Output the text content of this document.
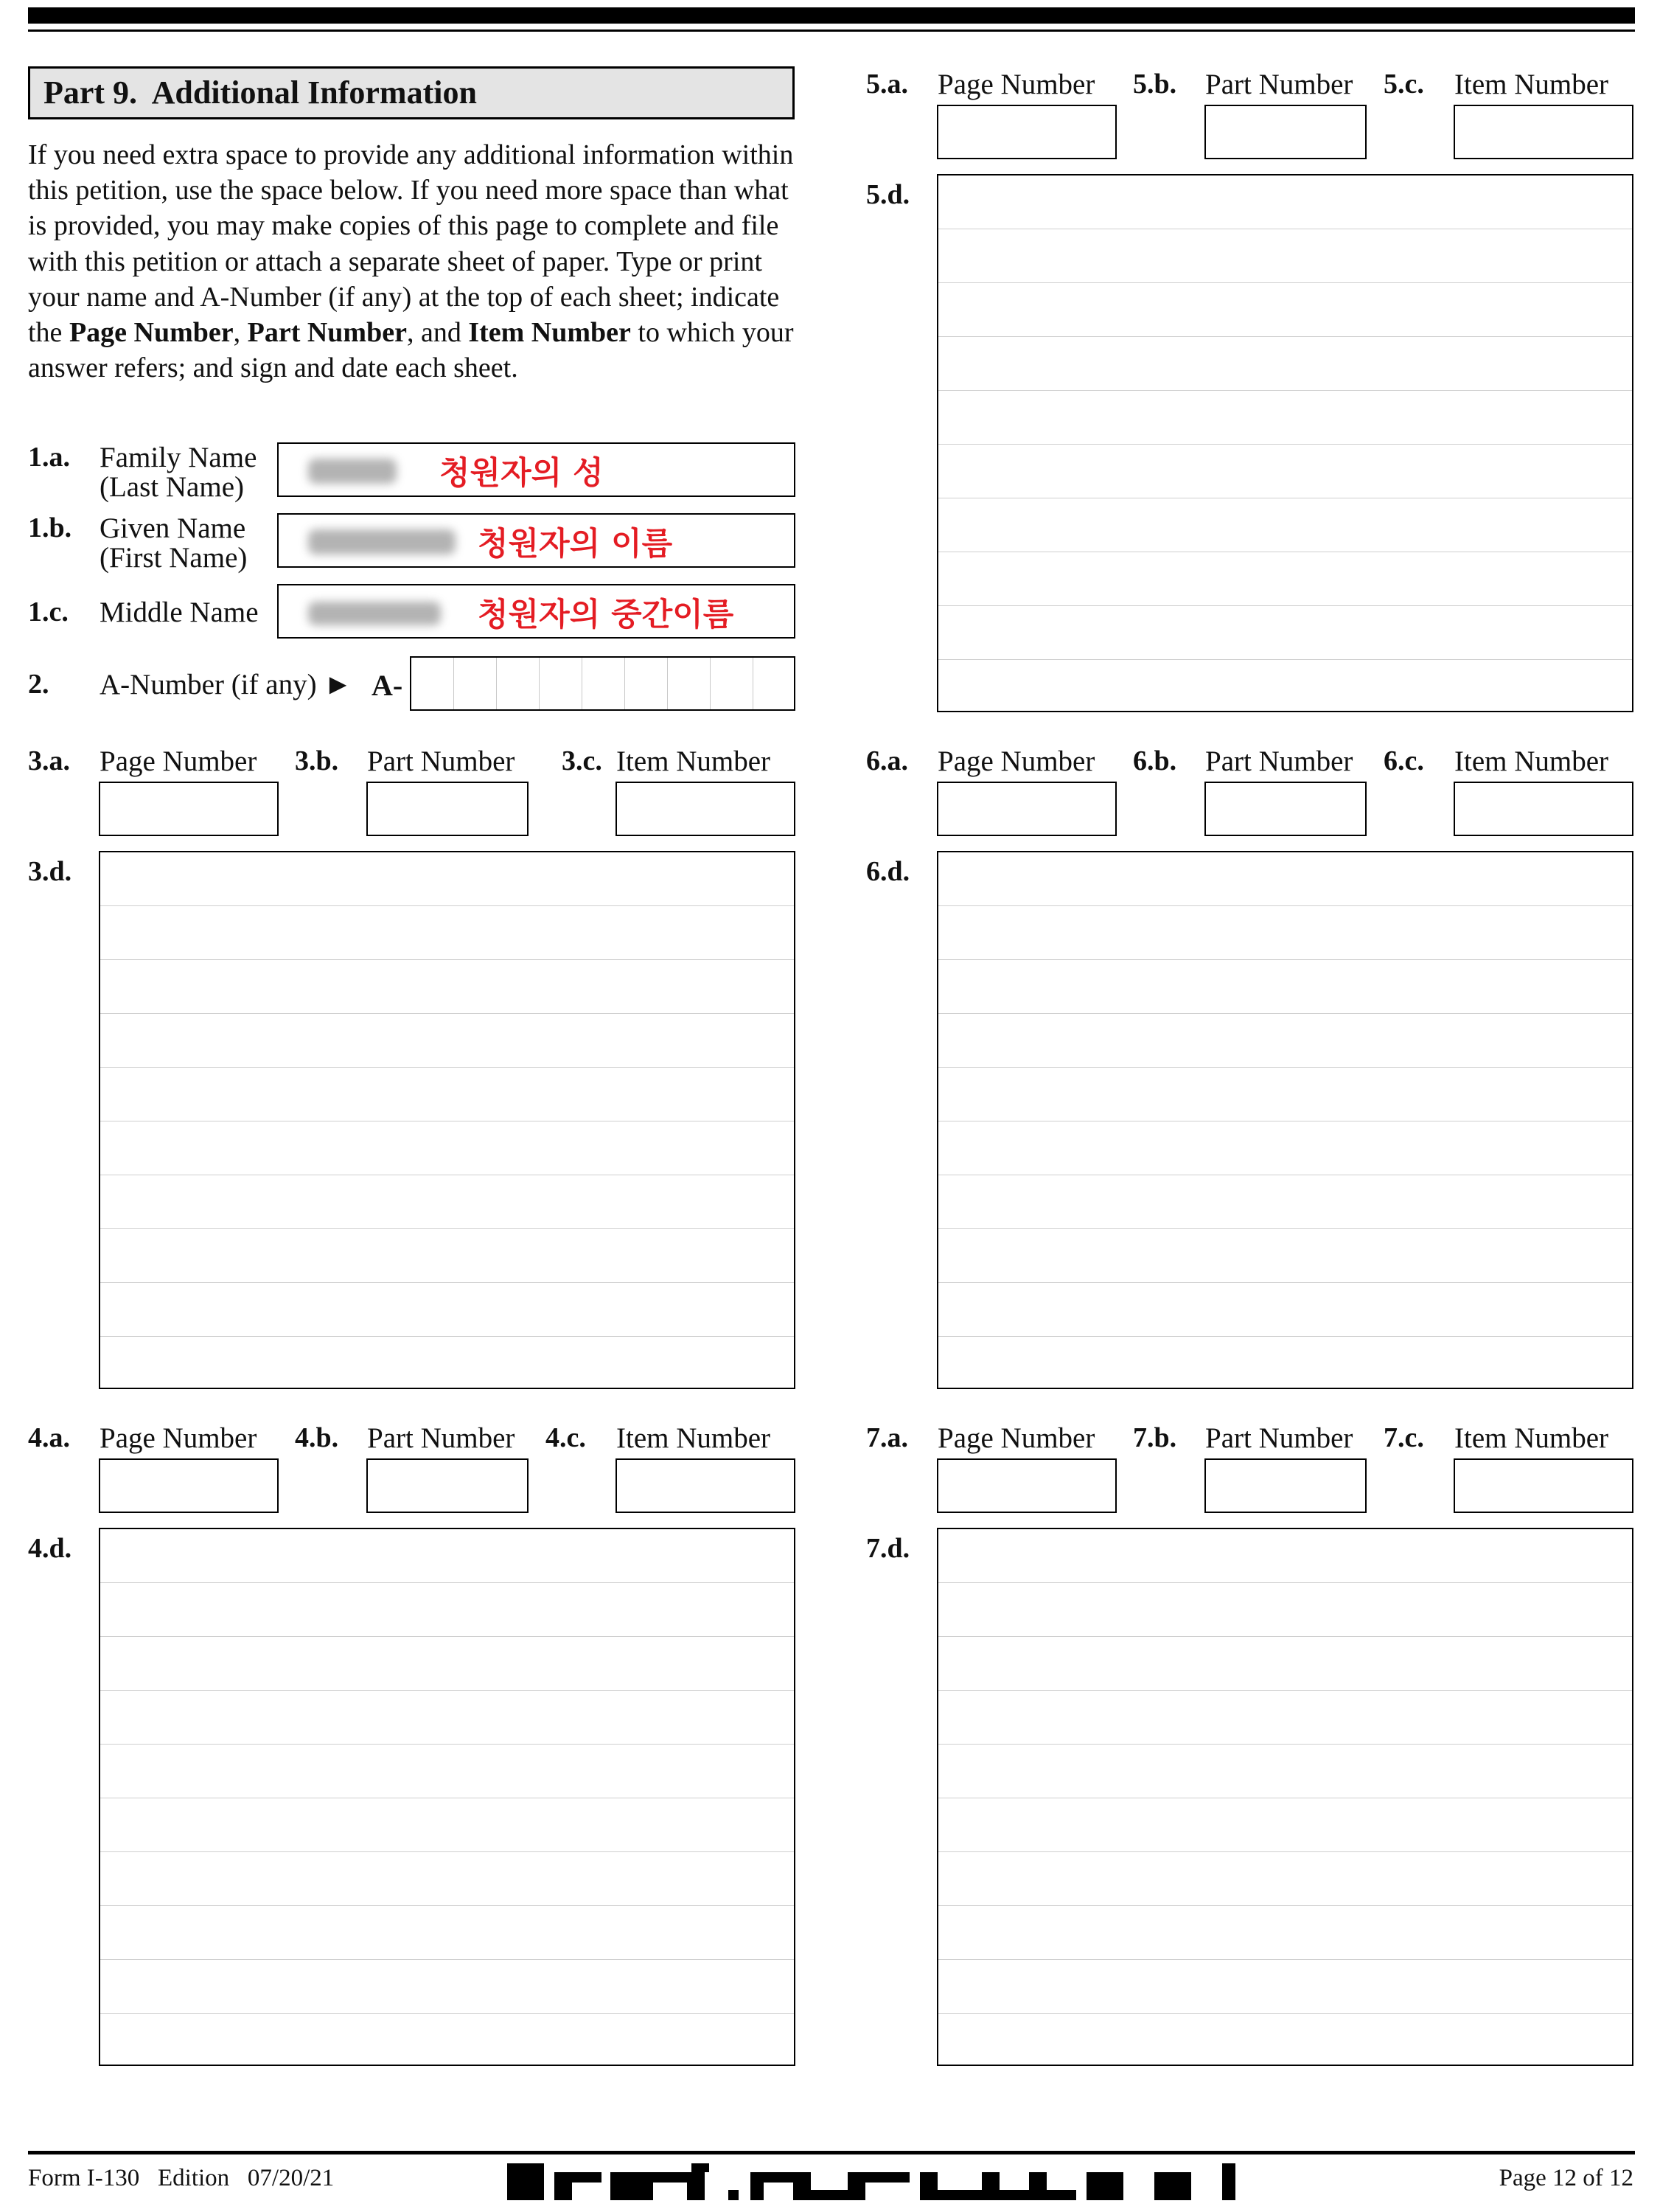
Part 9. Additional Information
If you need extra space to provide any additional information within this petition, use the space below. If you need more space than what is provided, you may make copies of this page to complete and file with this petition or attach a separate sheet of paper. Type or print your name and A-Number (if any) at the top of each sheet; indicate the Page Number, Part Number, and Item Number to which your answer refers; and sign and date each sheet.
1.a. Family Name
(Last Name)	청원자의 성
1.b. Given Name
(First Name)	청원자의 이름
1.c. Middle Name	청원자의 중간이름
2. A-Number (if any) ► A-
3.a. Page Number 3.b. Part Number 3.c. Item Number
3.d.
4.a. Page Number 4.b. Part Number 4.c. Item Number
4.d.
5.a. Page Number 5.b. Part Number 5.c. Item Number
5.d.
6.a. Page Number 6.b. Part Number 6.c. Item Number
6.d.
7.a. Page Number 7.b. Part Number 7.c. Item Number
7.d.
Form I-130 Edition 07/20/21	Page 12 of 12
